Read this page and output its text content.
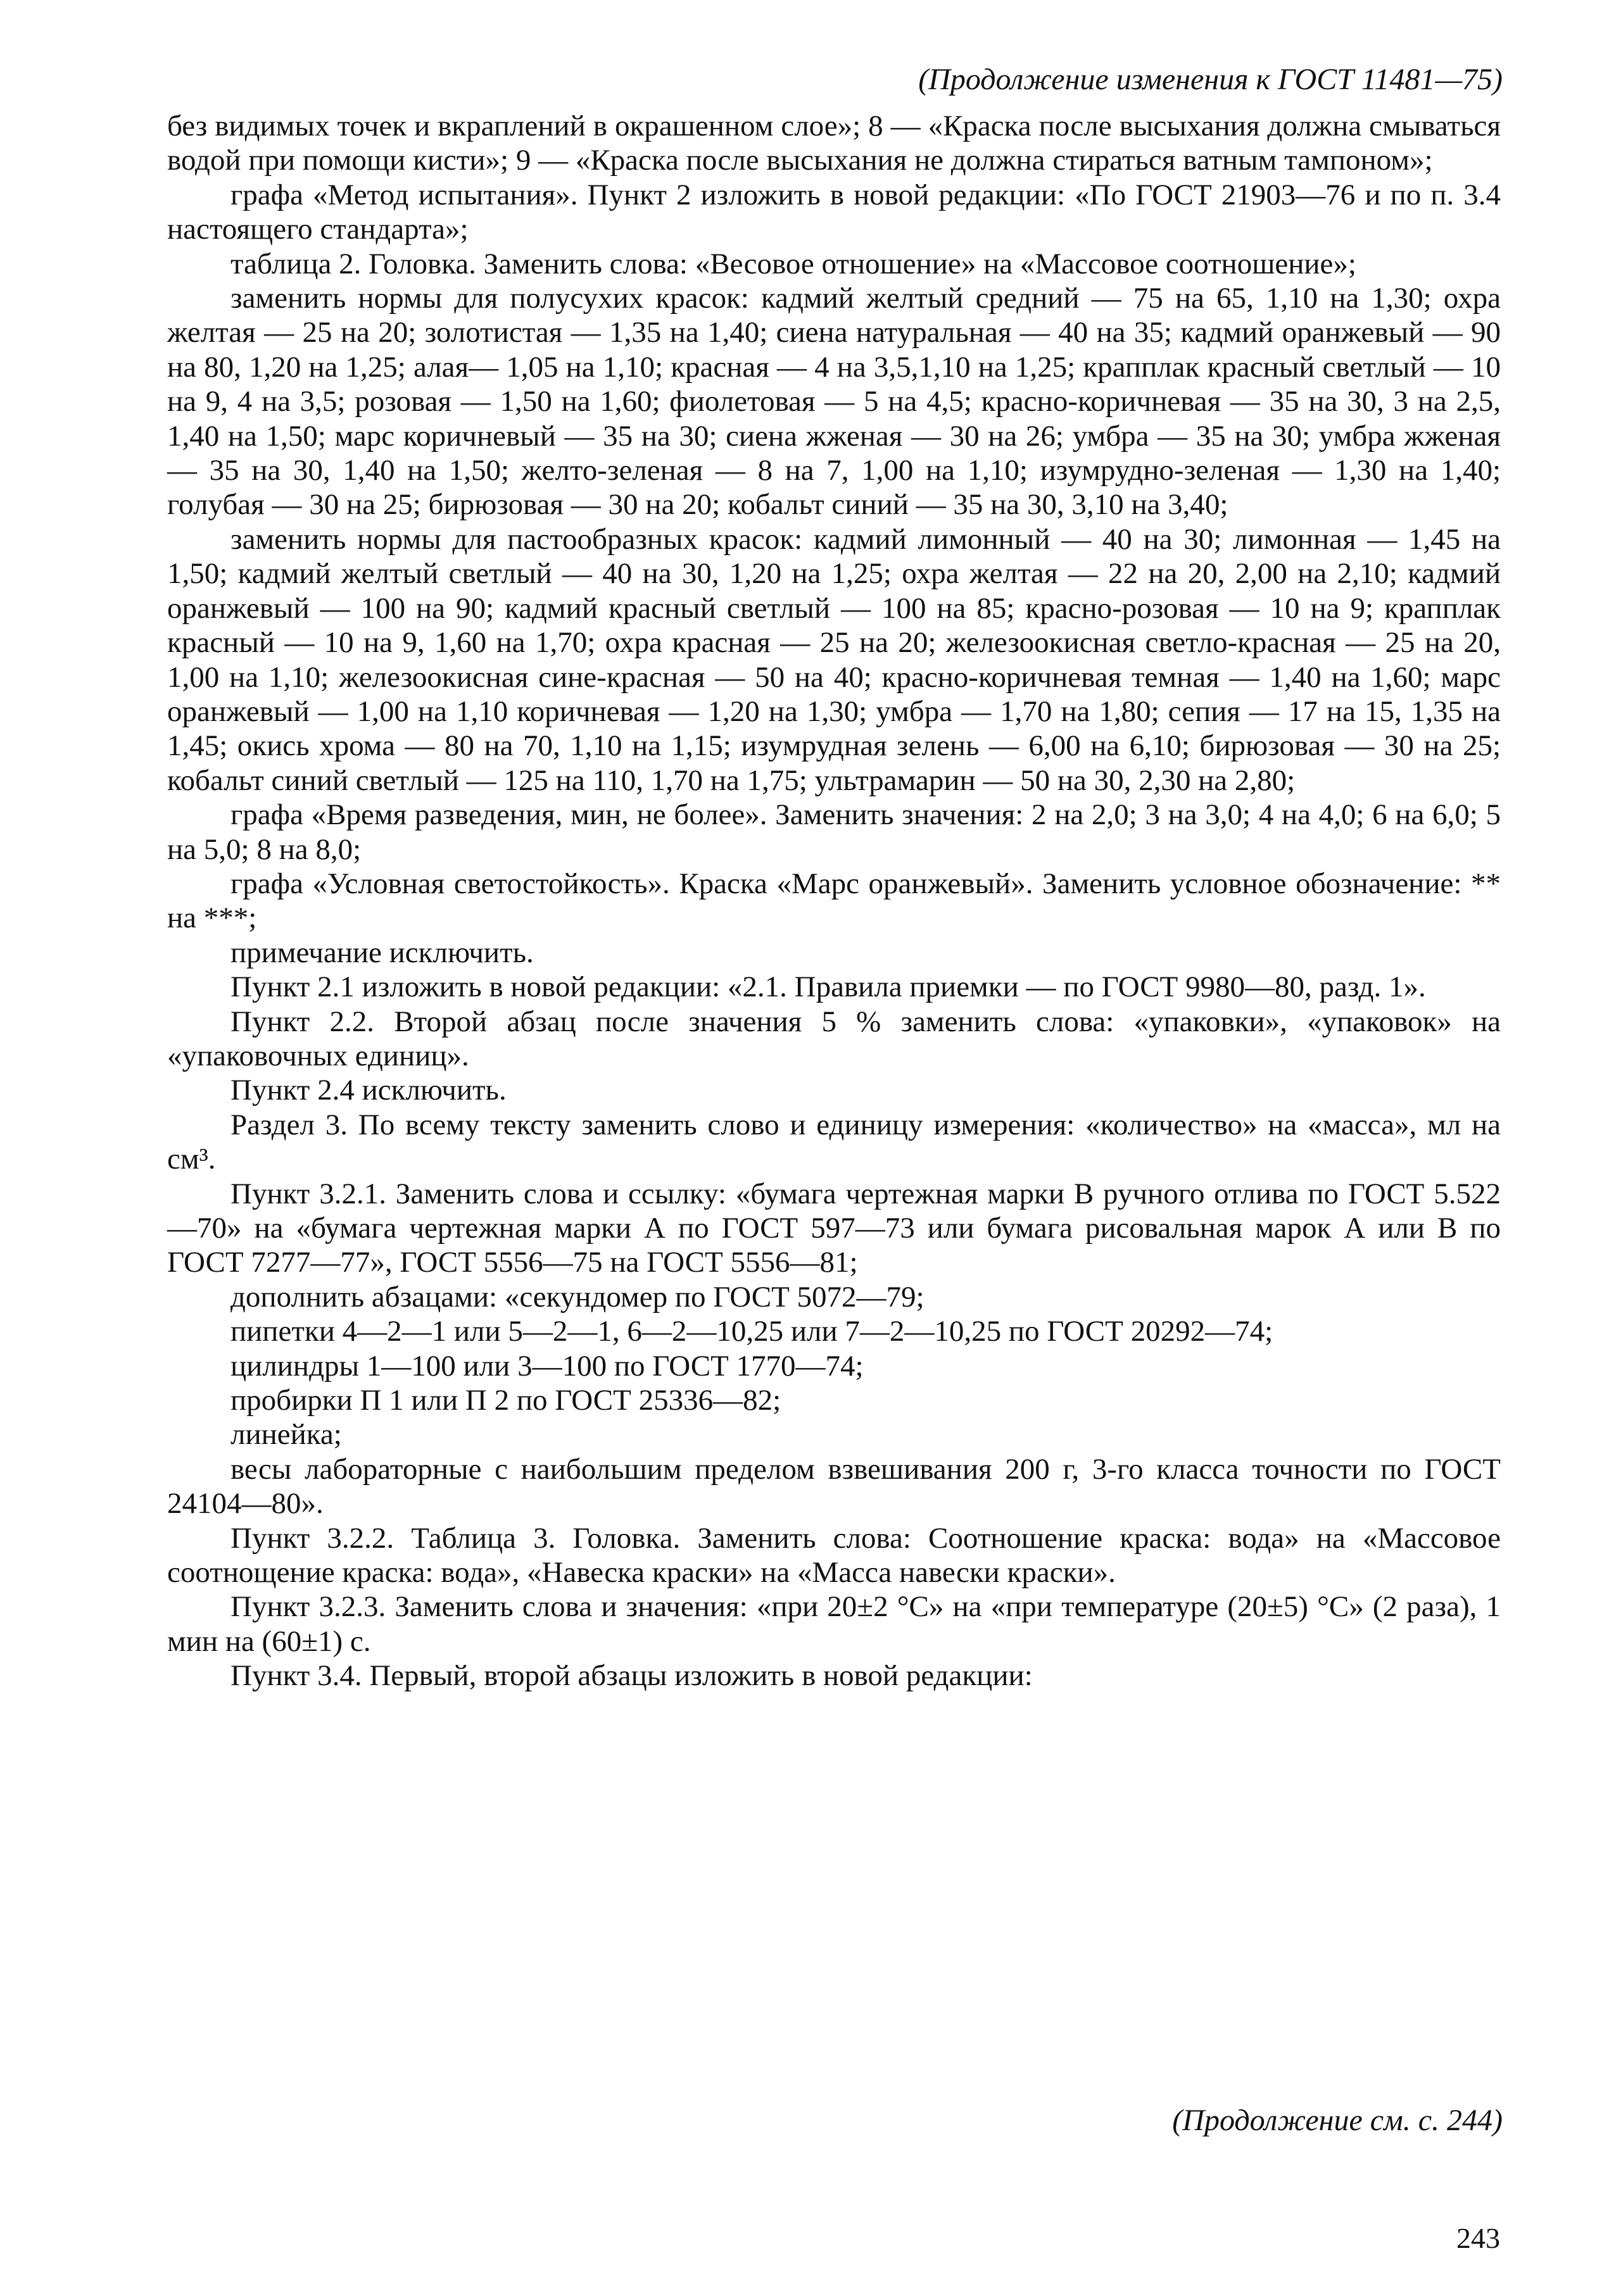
(Продолжение изменения к ГОСТ 11481—75)

без видимых точек и вкраплений в окрашенном слое»; 8 — «Краска после высыхания должна смываться водой при помощи кисти»; 9 — «Краска после высыхания не должна стираться ватным тампоном»;

графа «Метод испытания». Пункт 2 изложить в новой редакции: «По ГОСТ 21903—76 и по п. 3.4 настоящего стандарта»;

таблица 2. Головка. Заменить слова: «Весовое отношение» на «Массовое соотношение»;

заменить нормы для полусухих красок: кадмий желтый средний — 75 на 65, 1,10 на 1,30; охра желтая — 25 на 20; золотистая — 1,35 на 1,40; сиена натуральная — 40 на 35; кадмий оранжевый — 90 на 80, 1,20 на 1,25; алая— 1,05 на 1,10; красная — 4 на 3,5,1,10 на 1,25; крапплак красный светлый — 10 на 9, 4 на 3,5; розовая — 1,50 на 1,60; фиолетовая — 5 на 4,5; красно-коричневая — 35 на 30, 3 на 2,5, 1,40 на 1,50; марс коричневый — 35 на 30; сиена жженая — 30 на 26; умбра — 35 на 30; умбра жженая — 35 на 30, 1,40 на 1,50; желто-зеленая — 8 на 7, 1,00 на 1,10; изумрудно-зеленая — 1,30 на 1,40; голубая — 30 на 25; бирюзовая — 30 на 20; кобальт синий — 35 на 30, 3,10 на 3,40;

заменить нормы для пастообразных красок: кадмий лимонный — 40 на 30; лимонная — 1,45 на 1,50; кадмий желтый светлый — 40 на 30, 1,20 на 1,25; охра желтая — 22 на 20, 2,00 на 2,10; кадмий оранжевый — 100 на 90; кадмий красный светлый — 100 на 85; красно-розовая — 10 на 9; крапплак красный — 10 на 9, 1,60 на 1,70; охра красная — 25 на 20; железоокисная светло-красная — 25 на 20, 1,00 на 1,10; железоокисная сине-красная — 50 на 40; красно-коричневая темная — 1,40 на 1,60; марс оранжевый — 1,00 на 1,10 коричневая — 1,20 на 1,30; умбра — 1,70 на 1,80; сепия — 17 на 15, 1,35 на 1,45; окись хрома — 80 на 70, 1,10 на 1,15; изумрудная зелень — 6,00 на 6,10; бирюзовая — 30 на 25; кобальт синий светлый — 125 на 110, 1,70 на 1,75; ультрамарин — 50 на 30, 2,30 на 2,80;

графа «Время разведения, мин, не более». Заменить значения: 2 на 2,0; 3 на 3,0; 4 на 4,0; 6 на 6,0; 5 на 5,0; 8 на 8,0;

графа «Условная светостойкость». Краска «Марс оранжевый». Заменить условное обозначение: ** на ***;

примечание исключить.

Пункт 2.1 изложить в новой редакции: «2.1. Правила приемки — по ГОСТ 9980—80, разд. 1».

Пункт 2.2. Второй абзац после значения 5 % заменить слова: «упаковки», «упаковок» на «упаковочных единиц».

Пункт 2.4 исключить.

Раздел 3. По всему тексту заменить слово и единицу измерения: «количество» на «масса», мл на см³.

Пункт 3.2.1. Заменить слова и ссылку: «бумага чертежная марки В ручного отлива по ГОСТ 5.522—70» на «бумага чертежная марки А по ГОСТ 597—73 или бумага рисовальная марок А или В по ГОСТ 7277—77», ГОСТ 5556—75 на ГОСТ 5556—81;

дополнить абзацами: «секундомер по ГОСТ 5072—79;

пипетки 4—2—1 или 5—2—1, 6—2—10,25 или 7—2—10,25 по ГОСТ 20292—74;

цилиндры 1—100 или 3—100 по ГОСТ 1770—74;

пробирки П 1 или П 2 по ГОСТ 25336—82;

линейка;

весы лабораторные с наибольшим пределом взвешивания 200 г, 3-го класса точности по ГОСТ 24104—80».

Пункт 3.2.2. Таблица 3. Головка. Заменить слова: Соотношение краска: вода» на «Массовое соотнощение краска: вода», «Навеска краски» на «Масса навески краски».

Пункт 3.2.3. Заменить слова и значения: «при 20±2 °С» на «при температуре (20±5) °С» (2 раза), 1 мин на (60±1) с.

Пункт 3.4. Первый, второй абзацы изложить в новой редакции:

(Продолжение см. с. 244)
243
